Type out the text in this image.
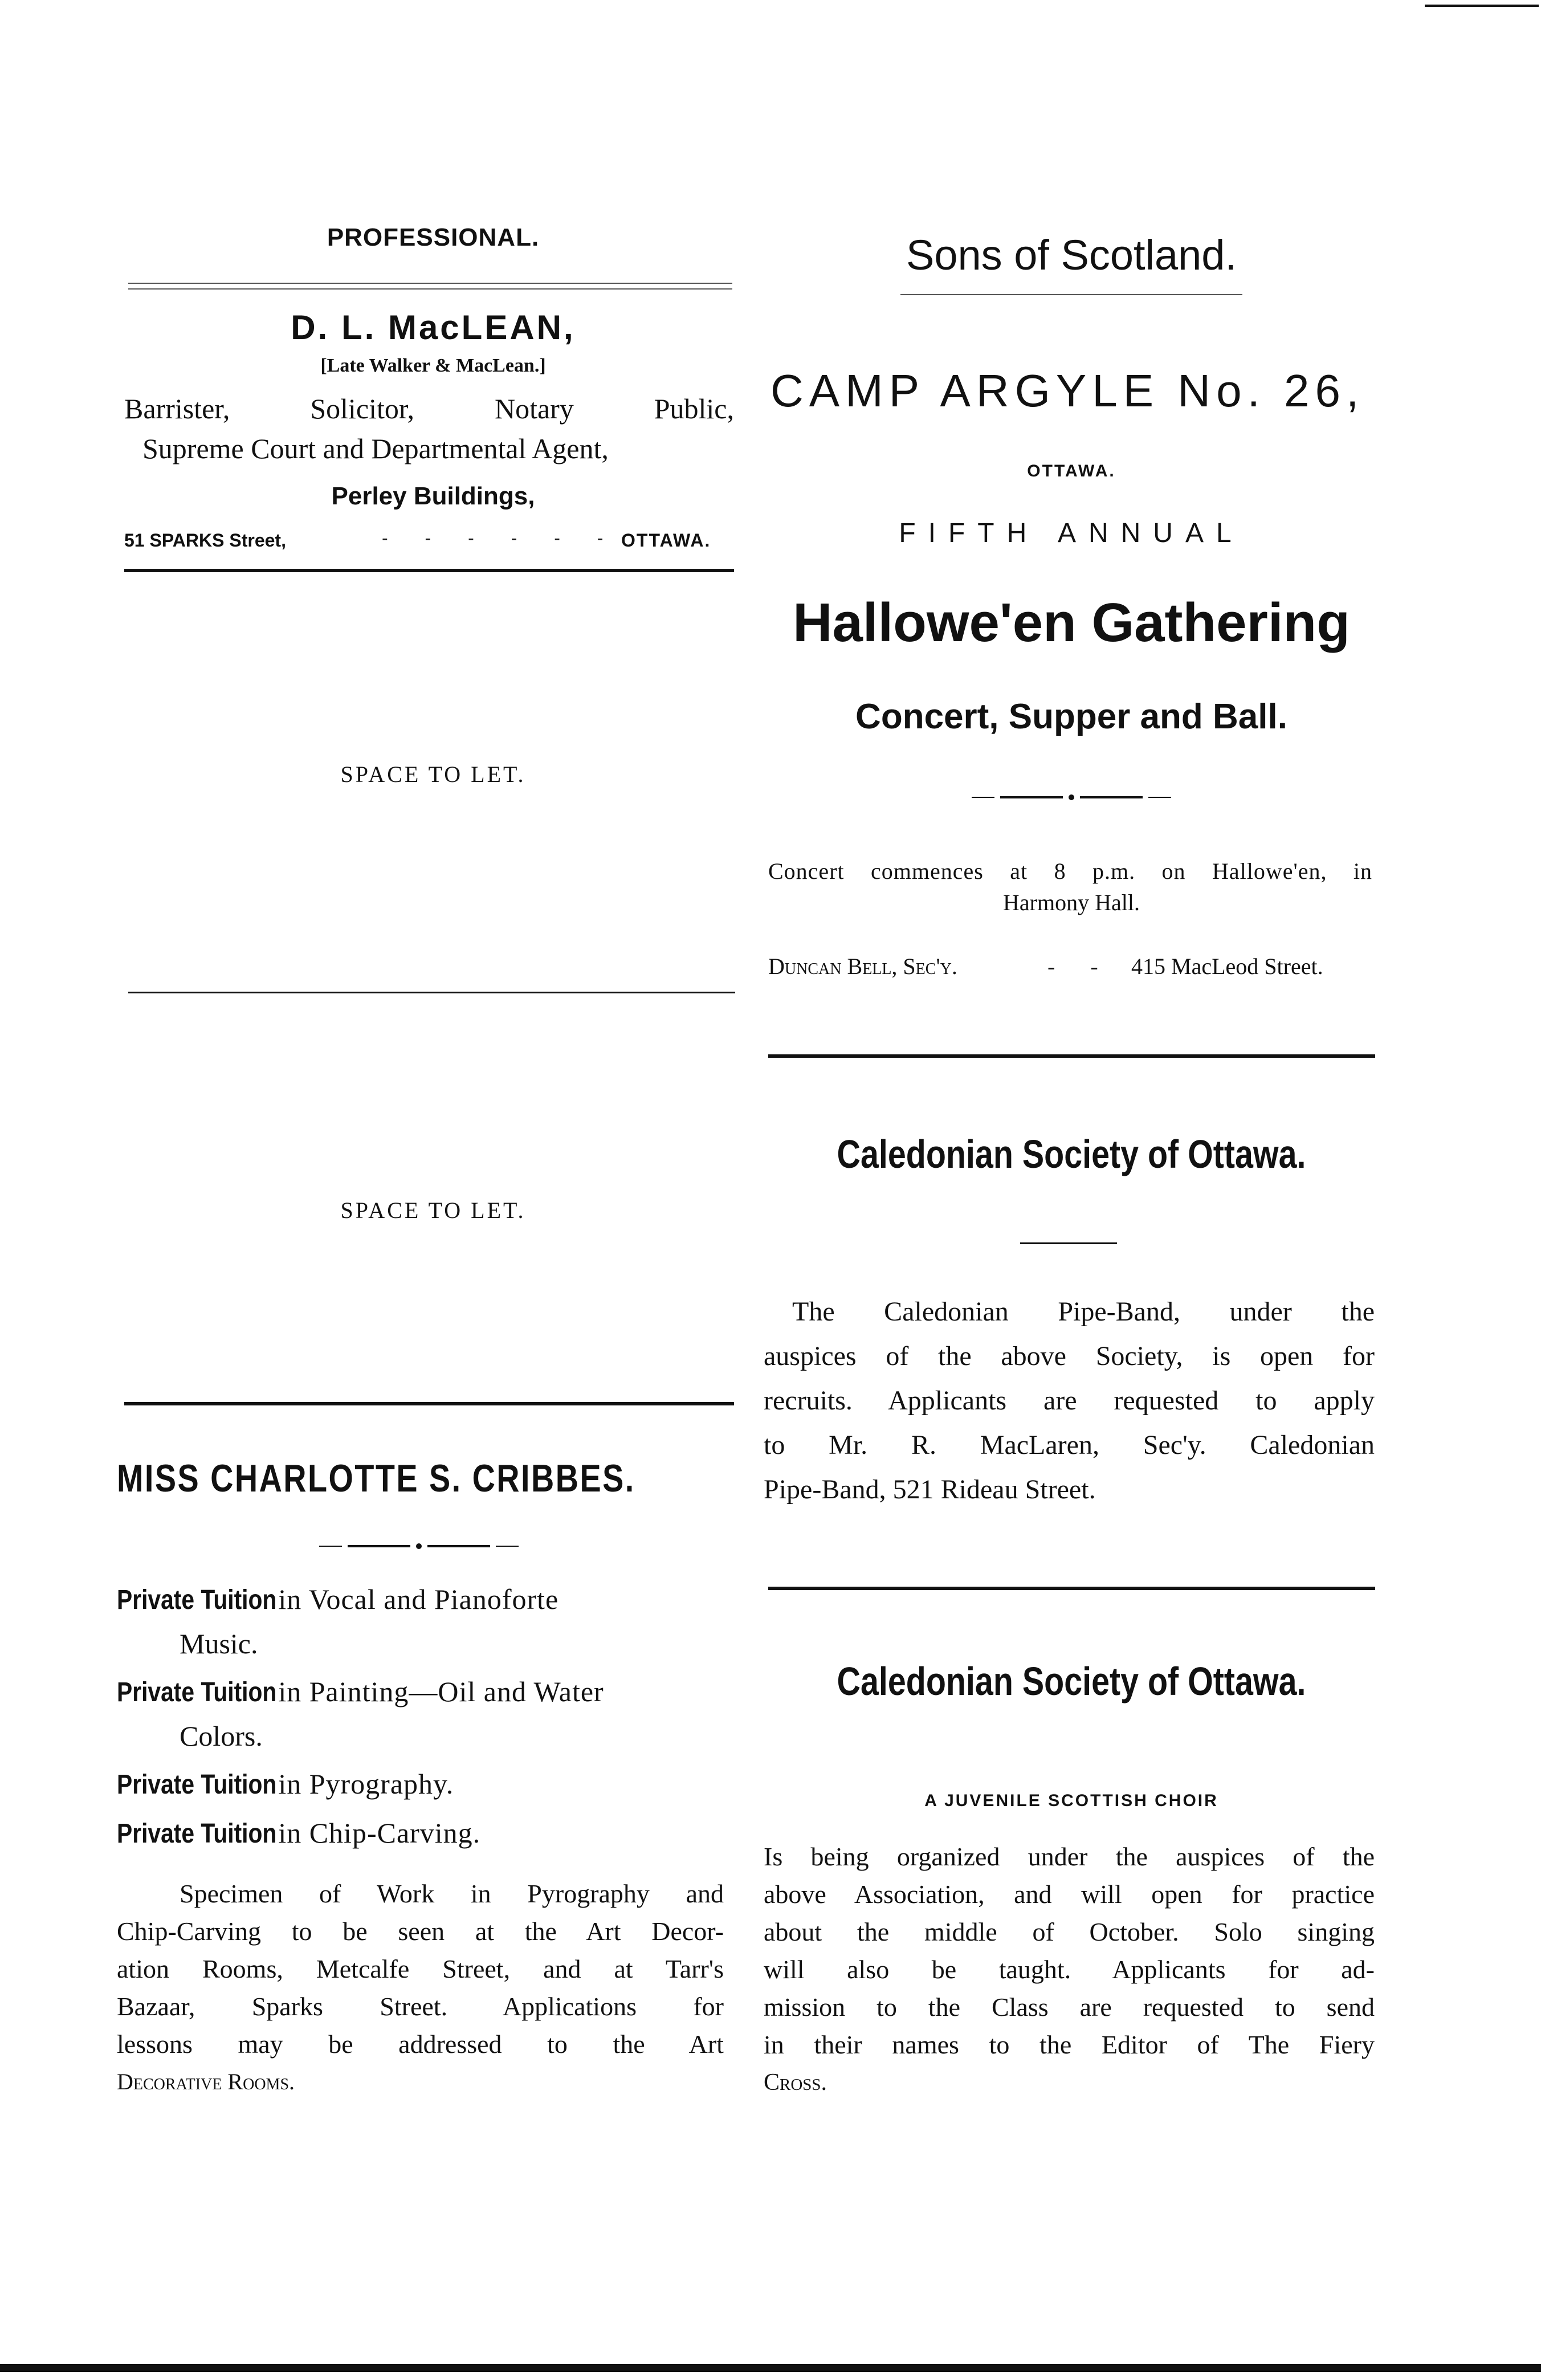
PROFESSIONAL.
D. L. MacLEAN,
[Late Walker & MacLean.]
Barrister, Solicitor, Notary Public,
Supreme Court and Departmental Agent,
Perley Buildings,
51 SPARKS Street,	- - - - - - OTTAWA.
SPACE TO LET.
SPACE TO LET.
MISS CHARLOTTE S. CRIBBES.
Private Tuition in Vocal and Pianoforte
Music.
Private Tuition in Painting—Oil and Water
Colors.
Private Tuition in Pyrography.
Private Tuition in Chip-Carving.
Specimen of Work in Pyrography and
Chip-Carving to be seen at the Art Decor-
ation Rooms, Metcalfe Street, and at Tarr's
Bazaar, Sparks Street. Applications for
lessons may be addressed to the Art
Decorative Rooms.
Sons of Scotland.
CAMP ARGYLE No. 26,
OTTAWA.
FIFTH ANNUAL
Hallowe'en Gathering
Concert, Supper and Ball.
Concert commences at 8 p.m. on Hallowe'en, in
Harmony Hall.
Duncan Bell, Sec'y.	- - 415 MacLeod Street.
Caledonian Society of Ottawa.
The Caledonian Pipe-Band, under the
auspices of the above Society, is open for
recruits. Applicants are requested to apply
to Mr. R. MacLaren, Sec'y. Caledonian
Pipe-Band, 521 Rideau Street.
Caledonian Society of Ottawa.
A JUVENILE SCOTTISH CHOIR
Is being organized under the auspices of the
above Association, and will open for practice
about the middle of October. Solo singing
will also be taught. Applicants for ad-
mission to the Class are requested to send
in their names to the Editor of The Fiery
Cross.
